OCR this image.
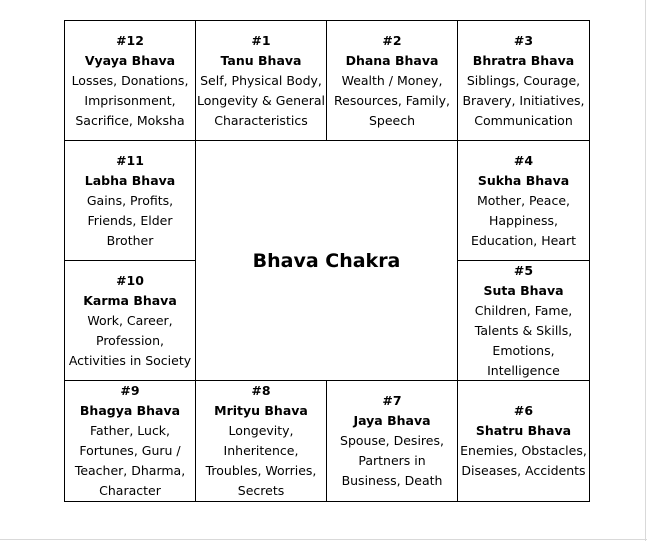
#12
Vyaya Bhava
Losses, Donations,
Imprisonment,
Sacrifice, Moksha
#1
Tanu Bhava
Self, Physical Body,
Longevity & General
Characteristics
#2
Dhana Bhava
Wealth / Money,
Resources, Family,
Speech
#3
Bhratra Bhava
Siblings, Courage,
Bravery, Initiatives,
Communication
#11
Labha Bhava
Gains, Profits,
Friends, Elder
Brother
Bhava Chakra
#4
Sukha Bhava
Mother, Peace,
Happiness,
Education, Heart
#10
Karma Bhava
Work, Career,
Profession,
Activities in Society
#5
Suta Bhava
Children, Fame,
Talents & Skills,
Emotions,
Intelligence
#9
Bhagya Bhava
Father, Luck,
Fortunes, Guru /
Teacher, Dharma,
Character
#8
Mrityu Bhava
Longevity,
Inheritence,
Troubles, Worries,
Secrets
#7
Jaya Bhava
Spouse, Desires,
Partners in
Business, Death
#6
Shatru Bhava
Enemies, Obstacles,
Diseases, Accidents
